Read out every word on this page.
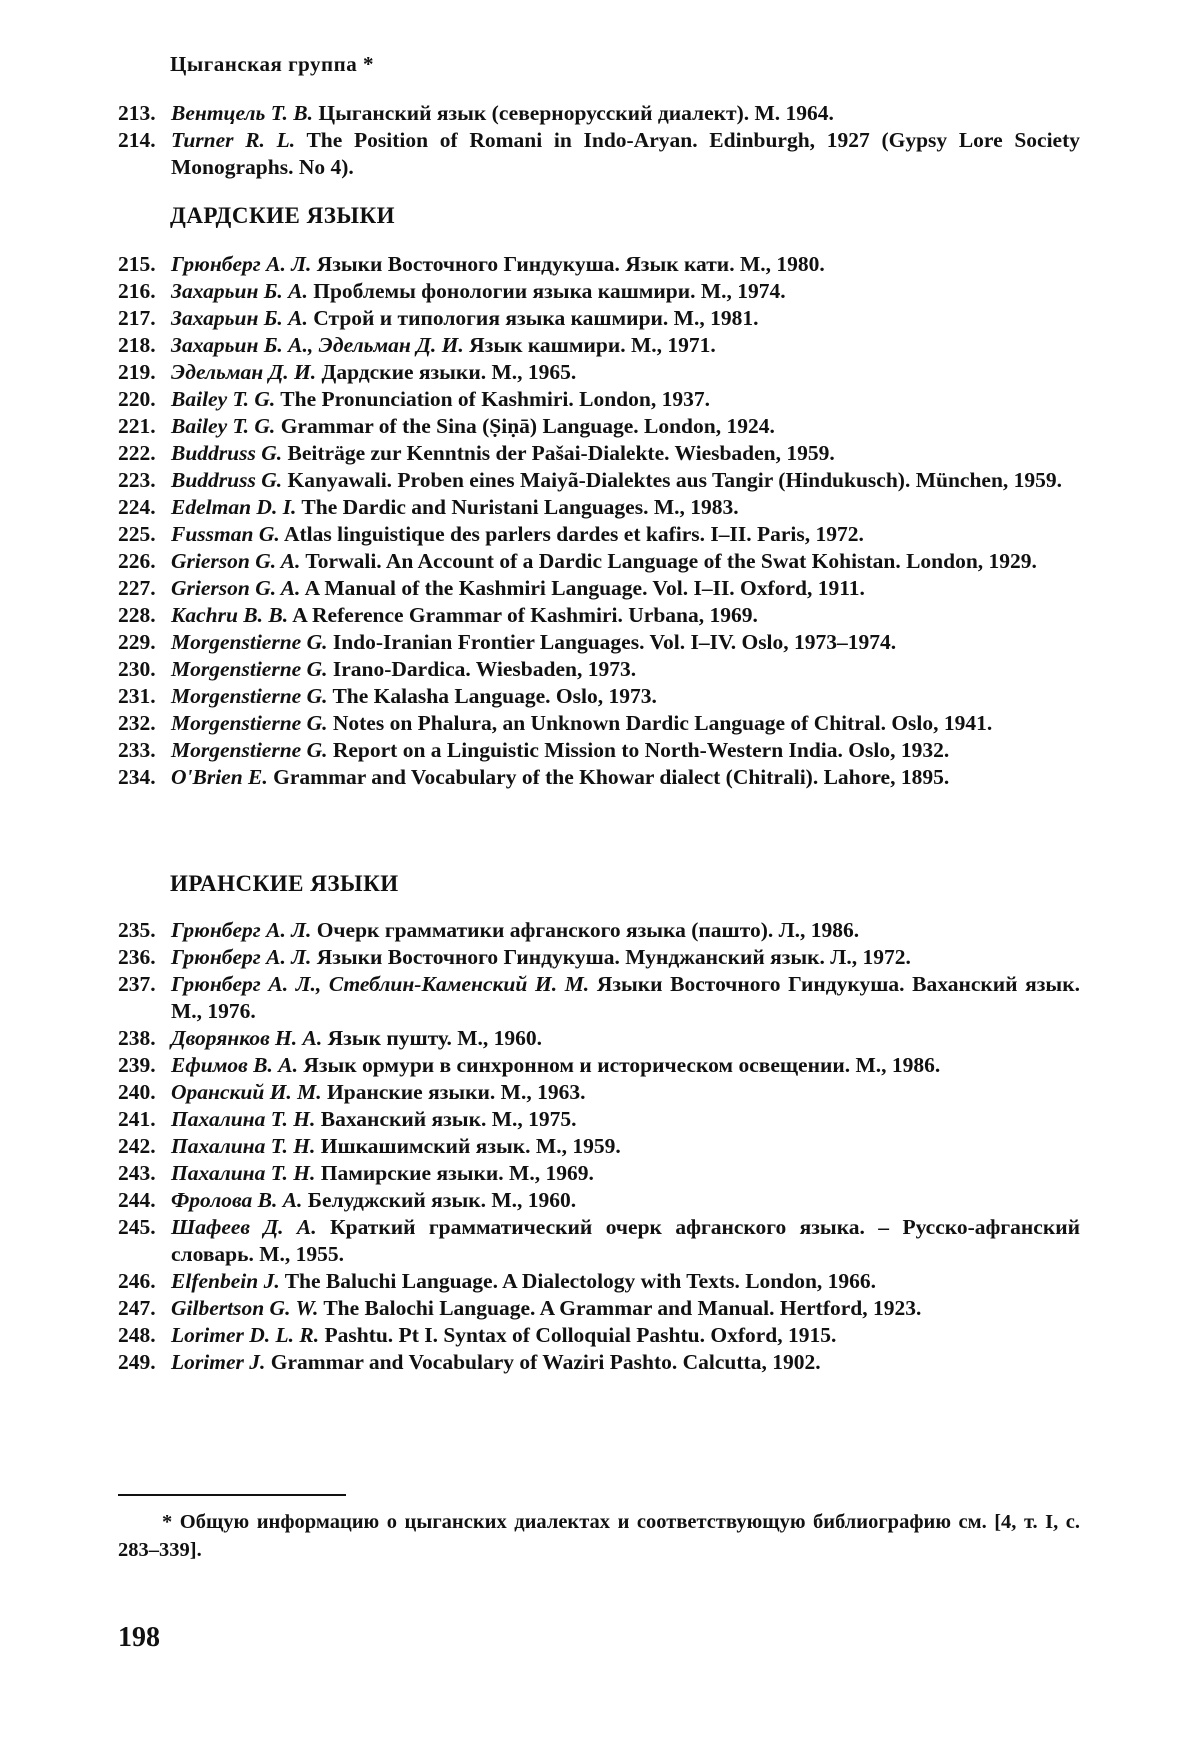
Цыганская группа *
213. Вентцель Т. В. Цыганский язык (севернорусский диалект). М. 1964.
214. Turner R. L. The Position of Romani in Indo-Aryan. Edinburgh, 1927 (Gypsy Lore Society Monographs. No 4).
ДАРДСКИЕ ЯЗЫКИ
215. Грюнберг А. Л. Языки Восточного Гиндукуша. Язык кати. М., 1980.
216. Захарьин Б. А. Проблемы фонологии языка кашмири. М., 1974.
217. Захарьин Б. А. Строй и типология языка кашмири. М., 1981.
218. Захарьин Б. А., Эдельман Д. И. Язык кашмири. М., 1971.
219. Эдельман Д. И. Дардские языки. М., 1965.
220. Bailey T. G. The Pronunciation of Kashmiri. London, 1937.
221. Bailey T. G. Grammar of the Sina (Ṣiṇā) Language. London, 1924.
222. Buddruss G. Beiträge zur Kenntnis der Pašai-Dialekte. Wiesbaden, 1959.
223. Buddruss G. Kanyawali. Proben eines Maiyã-Dialektes aus Tangir (Hindukusch). München, 1959.
224. Edelman D. I. The Dardic and Nuristani Languages. M., 1983.
225. Fussman G. Atlas linguistique des parlers dardes et kafirs. I–II. Paris, 1972.
226. Grierson G. A. Torwali. An Account of a Dardic Language of the Swat Kohistan. London, 1929.
227. Grierson G. A. A Manual of the Kashmiri Language. Vol. I–II. Oxford, 1911.
228. Kachru B. B. A Reference Grammar of Kashmiri. Urbana, 1969.
229. Morgenstierne G. Indo-Iranian Frontier Languages. Vol. I–IV. Oslo, 1973–1974.
230. Morgenstierne G. Irano-Dardica. Wiesbaden, 1973.
231. Morgenstierne G. The Kalasha Language. Oslo, 1973.
232. Morgenstierne G. Notes on Phalura, an Unknown Dardic Language of Chitral. Oslo, 1941.
233. Morgenstierne G. Report on a Linguistic Mission to North-Western India. Oslo, 1932.
234. O'Brien E. Grammar and Vocabulary of the Khowar dialect (Chitrali). Lahore, 1895.
ИРАНСКИЕ ЯЗЫКИ
235. Грюнберг А. Л. Очерк грамматики афганского языка (пашто). Л., 1986.
236. Грюнберг А. Л. Языки Восточного Гиндукуша. Мунджанский язык. Л., 1972.
237. Грюнберг А. Л., Стеблин-Каменский И. М. Языки Восточного Гиндукуша. Ваханский язык. М., 1976.
238. Дворянков Н. А. Язык пушту. М., 1960.
239. Ефимов В. А. Язык ормури в синхронном и историческом освещении. М., 1986.
240. Оранский И. М. Иранские языки. М., 1963.
241. Пахалина Т. Н. Ваханский язык. М., 1975.
242. Пахалина Т. Н. Ишкашимский язык. М., 1959.
243. Пахалина Т. Н. Памирские языки. М., 1969.
244. Фролова В. А. Белуджский язык. М., 1960.
245. Шафеев Д. А. Краткий грамматический очерк афганского языка. – Русско-афганский словарь. М., 1955.
246. Elfenbein J. The Baluchi Language. A Dialectology with Texts. London, 1966.
247. Gilbertson G. W. The Balochi Language. A Grammar and Manual. Hertford, 1923.
248. Lorimer D. L. R. Pashtu. Pt I. Syntax of Colloquial Pashtu. Oxford, 1915.
249. Lorimer J. Grammar and Vocabulary of Waziri Pashto. Calcutta, 1902.
* Общую информацию о цыганских диалектах и соответствующую библиографию см. [4, т. I, с. 283–339].
198
